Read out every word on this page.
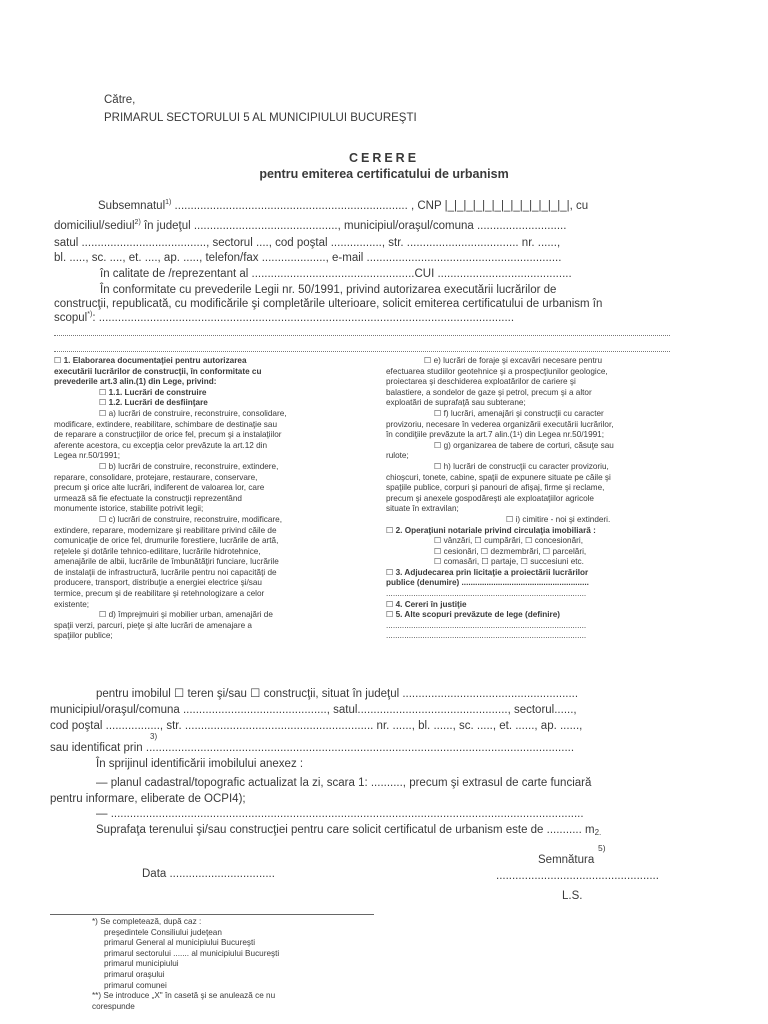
Către,
PRIMARUL SECTORULUI 5 AL MUNICIPIULUI BUCUREŞTI
CERERE
pentru emiterea certificatului de urbanism
Subsemnatul$^{1)}$ ......................................................................... , CNP |_|_|_|_|_|_|_|_|_|_|_|_|_|, cu
domiciliul/sediul$^{2)}$ în judeţul ............................................., municipiul/oraşul/comuna ............................
satul ......................................., sectorul ...., cod poştal ................, str. ................................... nr. ......,
bl. ....., sc. ...., et. ...., ap. ....., telefon/fax ...................., e-mail .............................................................
în calitate de /reprezentant al ...................................................CUI ..........................................
În conformitate cu prevederile Legii nr. 50/1991, privind autorizarea executării lucrărilor de
construcţii, republicată, cu modificările şi completările ulterioare, solicit emiterea certificatului de urbanism în
scopul*): ..................................................................................................................................
☐ 1. Elaborarea documentaţiei pentru autorizarea
executării lucrărilor de construcţii, în conformitate cu
prevederile art.3 alin.(1) din Lege, privind:
☐ 1.1. Lucrări de construire
☐ 1.2. Lucrări de desfiinţare
☐ a) lucrări de construire, reconstruire, consolidare,
modificare, extindere, reabilitare, schimbare de destinaţie sau
de reparare a construcţiilor de orice fel, precum şi a instalaţiilor
aferente acestora, cu excepţia celor prevăzute la art.12 din
Legea nr.50/1991;
☐ b) lucrări de construire, reconstruire, extindere,
reparare, consolidare, protejare, restaurare, conservare,
precum şi orice alte lucrări, indiferent de valoarea lor, care
urmează să fie efectuate la construcţii reprezentând
monumente istorice, stabilite potrivit legii;
☐ c) lucrări de construire, reconstruire, modificare,
extindere, reparare, modernizare şi reabilitare privind căile de
comunicaţie de orice fel, drumurile forestiere, lucrările de artă,
reţelele şi dotările tehnico-edilitare, lucrările hidrotehnice,
amenajările de albii, lucrările de îmbunătăţiri funciare, lucrările
de instalaţii de infrastructură, lucrările pentru noi capacităţi de
producere, transport, distribuţie a energiei electrice şi/sau
termice, precum şi de reabilitare şi retehnologizare a celor
existente;
☐ d) împrejmuiri şi mobilier urban, amenajări de
spaţii verzi, parcuri, pieţe şi alte lucrări de amenajare a
spaţiilor publice;
☐ e) lucrări de foraje şi excavări necesare pentru
efectuarea studiilor geotehnice şi a prospecţiunilor geologice,
proiectarea şi deschiderea exploatărilor de cariere şi
balastiere, a sondelor de gaze şi petrol, precum şi a altor
exploatări de suprafaţă sau subterane;
☐ f) lucrări, amenajări şi construcţii cu caracter
provizoriu, necesare în vederea organizării executării lucrărilor,
în condiţiile prevăzute la art.7 alin.(1¹) din Legea nr.50/1991;
☐ g) organizarea de tabere de corturi, căsuţe sau
rulote;
☐ h) lucrări de construcţii cu caracter provizoriu,
chioşcuri, tonete, cabine, spaţii de expunere situate pe căile şi
spaţiile publice, corpuri şi panouri de afişaj, firme şi reclame,
precum şi anexele gospodăreşti ale exploataţiilor agricole
situate în extravilan;
☐ i) cimitire - noi şi extinderi.
☐ 2. Operaţiuni notariale privind circulaţia imobiliară :
☐ vânzări, ☐ cumpărări, ☐ concesionări,
☐ cesionări, ☐ dezmembrări, ☐ parcelări,
☐ comasări, ☐ partaje, ☐ succesiuni etc.
☐ 3. Adjudecarea prin licitaţie a proiectării lucrărilor
publice (denumire) ........................................................
........................................................................................
☐ 4. Cereri în justiţie
☐ 5. Alte scopuri prevăzute de lege (definire)
........................................................................................
........................................................................................
pentru imobilul ☐ teren şi/sau ☐ construcţii, situat în judeţul .......................................................
municipiul/oraşul/comuna ............................................., satul..............................................., sectorul......,
cod poştal ................., str. ........................................................... nr. ......, bl. ......, sc. ....., et. ......, ap. ......,
3)
sau identificat prin ......................................................................................................................................
În sprijinul identificării imobilului anexez :
— planul cadastral/topografic actualizat la zi, scara 1: .........., precum şi extrasul de carte funciară
pentru informare, eliberate de OCPI4);
— ....................................................................................................................................................
Suprafaţa terenului şi/sau construcţiei pentru care solicit certificatul de urbanism este de ........... m2.
5)
Semnătura
Data .................................	...................................................
L.S.
*) Se completează, după caz :
preşedintele Consiliului judeţean
primarul General al municipiului Bucureşti
primarul sectorului ....... al municipiului Bucureşti
primarul municipiului
primarul oraşului
primarul comunei
**) Se introduce „X" în casetă şi se anulează ce nu
corespunde
